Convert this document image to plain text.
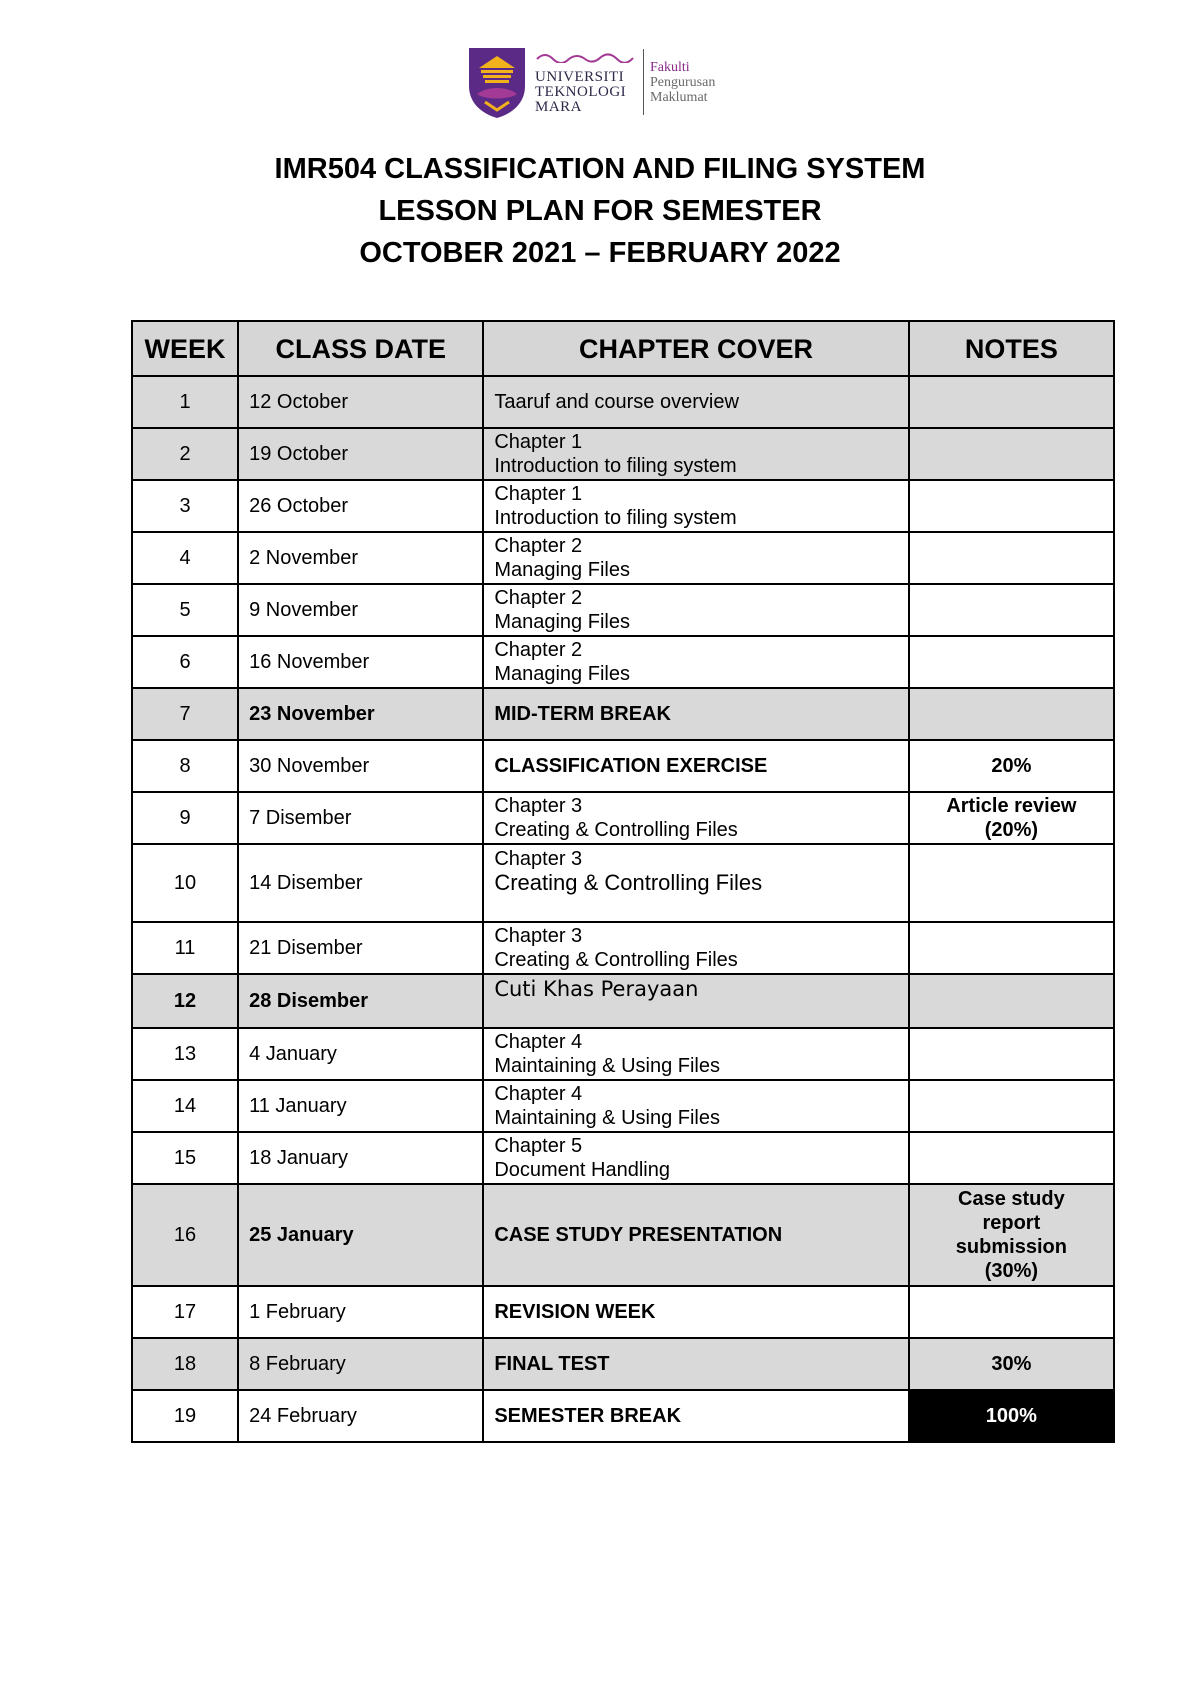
UNIVERSITI
TEKNOLOGI
MARA
Fakulti
Pengurusan
Maklumat
IMR504 CLASSIFICATION AND FILING SYSTEM
LESSON PLAN FOR SEMESTER
OCTOBER 2021 – FEBRUARY 2022
WEEK	CLASS DATE	CHAPTER COVER	NOTES
1	12 October	Taaruf and course overview	
2	19 October	Chapter 1
Introduction to filing system	

3	26 October	Chapter 1
Introduction to filing system	

4	2 November	Chapter 2
Managing Files	

5	9 November	Chapter 2
Managing Files	

6	16 November	Chapter 2
Managing Files	

7	23 November	MID-TERM BREAK	
8	30 November	CLASSIFICATION EXERCISE	20%
9	7 Disember	Chapter 3
Creating & Controlling Files	Article review
(20%)

10	14 Disember	Chapter 3
Creating & Controlling Files	

11	21 Disember	Chapter 3
Creating & Controlling Files	

12	28 Disember	Cuti Khas Perayaan	
13	4 January	Chapter 4
Maintaining & Using Files	

14	11 January	Chapter 4
Maintaining & Using Files	

15	18 January	Chapter 5
Document Handling	

16	25 January	CASE STUDY PRESENTATION	Case study
report
submission
(30%)

17	1 February	REVISION WEEK	
18	8 February	FINAL TEST	30%
19	24 February	SEMESTER BREAK	100%
